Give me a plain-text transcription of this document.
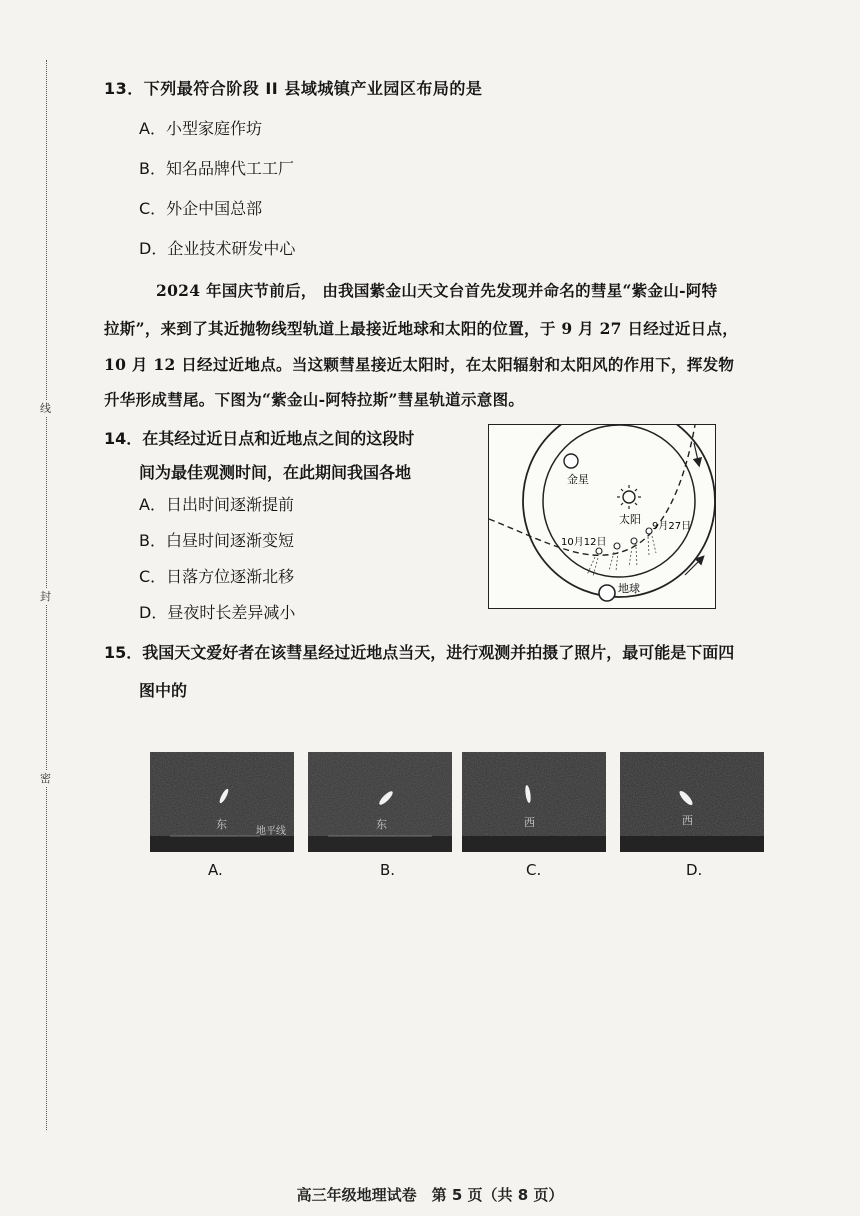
线
封
密
13．下列最符合阶段 II 县域城镇产业园区布局的是
A．小型家庭作坊
B．知名品牌代工工厂
C．外企中国总部
D．企业技术研发中心
2024 年国庆节前后， 由我国紫金山天文台首先发现并命名的彗星“紫金山-阿特
拉斯”，来到了其近抛物线型轨道上最接近地球和太阳的位置，于 9 月 27 日经过近日点，
10 月 12 日经过近地点。当这颗彗星接近太阳时，在太阳辐射和太阳风的作用下，挥发物
升华形成彗尾。下图为“紫金山-阿特拉斯”彗星轨道示意图。
14．在其经过近日点和近地点之间的这段时
间为最佳观测时间，在此期间我国各地
A．日出时间逐渐提前
B．白昼时间逐渐变短
C．日落方位逐渐北移
D．昼夜时长差异减小
太阳
金星
地球
9月27日
10月12日
15．我国天文爱好者在该彗星经过近地点当天，进行观测并拍摄了照片，最可能是下面四
图中的
东
地平线
A.
东
B.
西
C.
西
D.
高三年级地理试卷　第 5 页（共 8 页）
